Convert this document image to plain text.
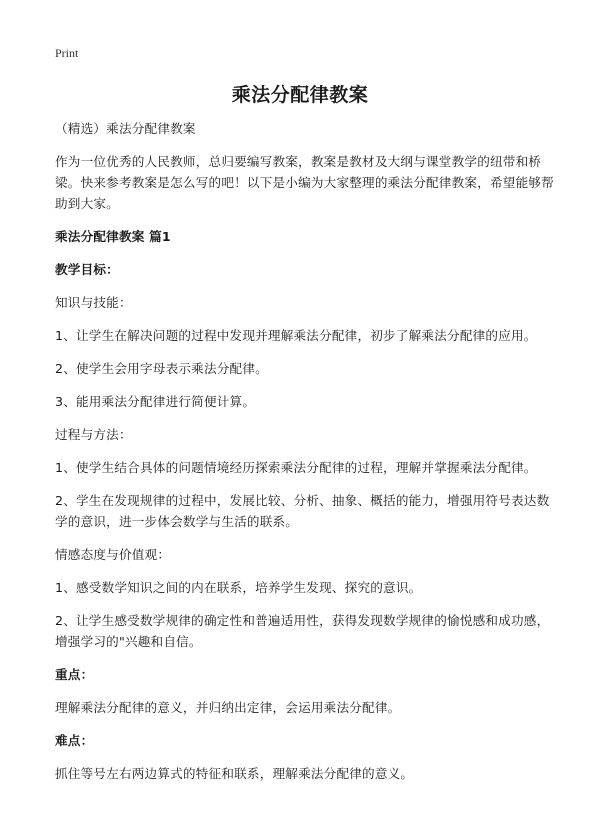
Print
乘法分配律教案

（精选）乘法分配律教案

作为一位优秀的人民教师，总归要编写教案，教案是教材及大纲与课堂教学的纽带和桥梁。快来参考教案是怎么写的吧！以下是小编为大家整理的乘法分配律教案，希望能够帮助到大家。

乘法分配律教案 篇1

教学目标：

知识与技能：

1、让学生在解决问题的过程中发现并理解乘法分配律，初步了解乘法分配律的应用。

2、使学生会用字母表示乘法分配律。

3、能用乘法分配律进行简便计算。

过程与方法：

1、使学生结合具体的问题情境经历探索乘法分配律的过程，理解并掌握乘法分配律。

2、学生在发现规律的过程中，发展比较、分析、抽象、概括的能力，增强用符号表达数学的意识，进一步体会数学与生活的联系。

情感态度与价值观：

1、感受数学知识之间的内在联系，培养学生发现、探究的意识。

2、让学生感受数学规律的确定性和普遍适用性，获得发现数学规律的愉悦感和成功感，增强学习的"兴趣和自信。

重点：

理解乘法分配律的意义，并归纳出定律，会运用乘法分配律。

难点：

抓住等号左右两边算式的特征和联系，理解乘法分配律的意义。
